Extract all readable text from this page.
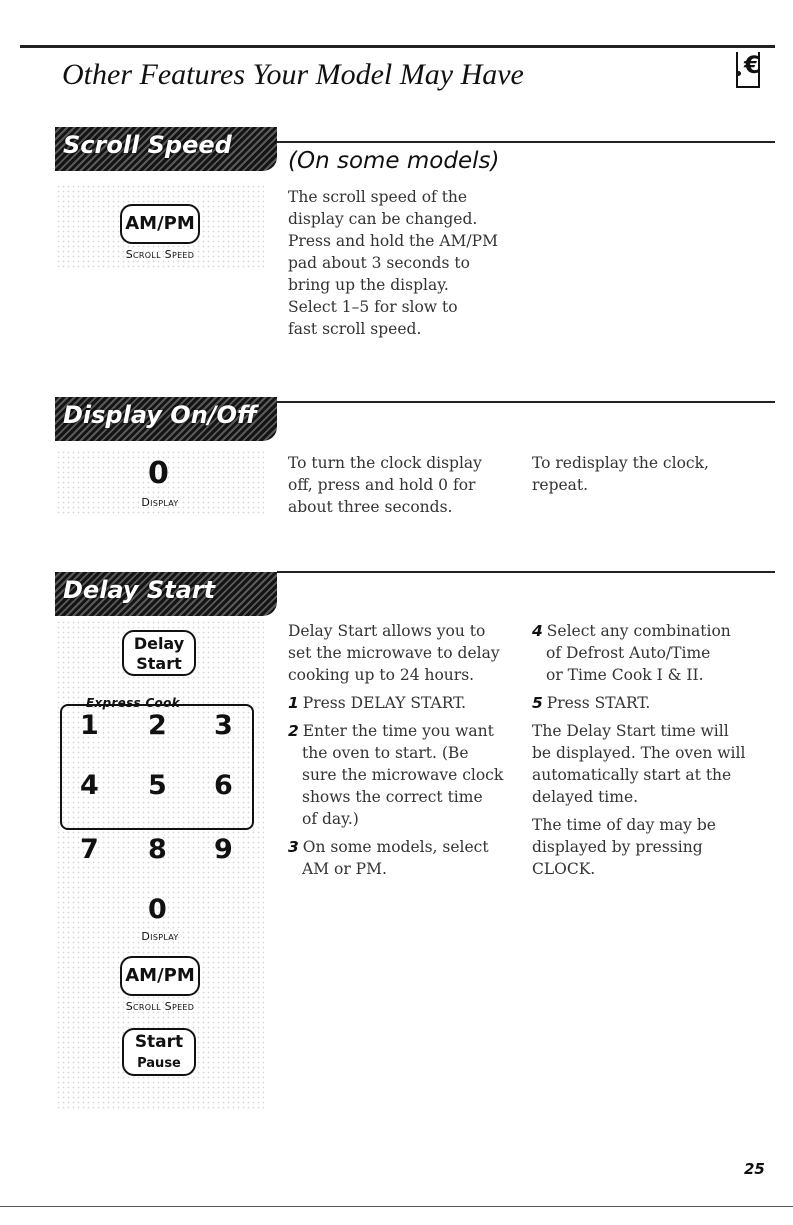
Other Features Your Model May Have	€
Scroll Speed
(On some models)
AM/PM
Scroll Speed

The scroll speed of the

display can be changed.

Press and hold the AM/PM

pad about 3 seconds to

bring up the display.

Select 1–5 for slow to

fast scroll speed.

Display On/Off
0
Display

To turn the clock display

off, press and hold 0 for

about three seconds.

To redisplay the clock,

repeat.

Delay Start
Delay
Start
Express Cook
1 2 3
4 5 6
7 8 9
0
Display
AM/PM
Scroll Speed
Start
Pause

Delay Start allows you to

set the microwave to delay

cooking up to 24 hours.

1 Press DELAY START.

2 Enter the time you want

the oven to start. (Be

sure the microwave clock

shows the correct time

of day.)

3 On some models, select

AM or PM.

4 Select any combination

of Defrost Auto/Time

or Time Cook I & II.

5 Press START.

The Delay Start time will

be displayed. The oven will

automatically start at the

delayed time.

The time of day may be

displayed by pressing

CLOCK.

25
